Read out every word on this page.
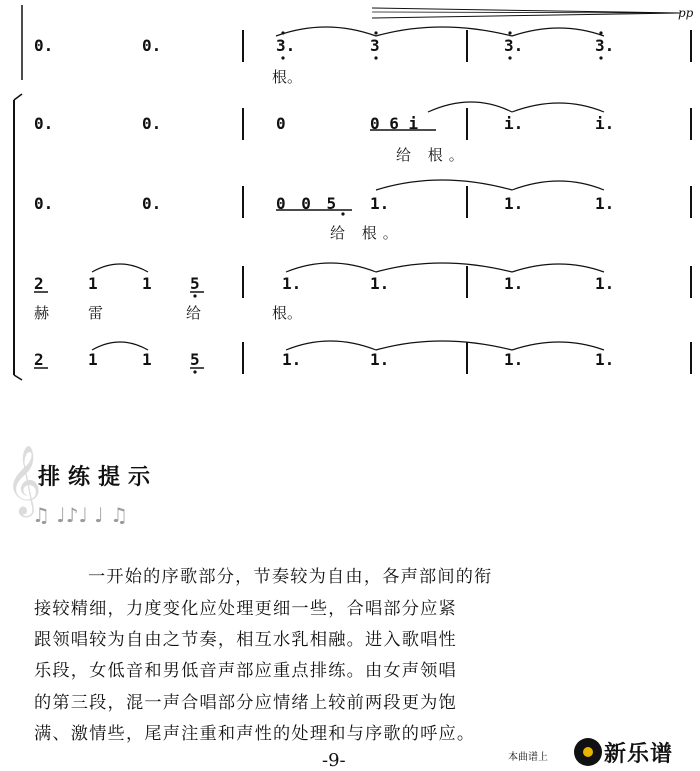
𝄞
♫ ♩♪♩ ♩ ♫
pp
0.	0.	3.	3	3.	3.
根。
0.	0.	0	0 6 i	i.	i.
给 根。
0.	0.	0 0 5 1.	1.	1.
给 根。
2	1	1 5	1.	1.	1.	1.
赫	雷	给	根。
2	1	1 5	1.	1.	1.	1.
排练提示
一开始的序歌部分，节奏较为自由，各声部间的衔
接较精细，力度变化应处理更细一些，合唱部分应紧
跟领唱较为自由之节奏，相互水乳相融。进入歌唱性
乐段，女低音和男低音声部应重点排练。由女声领唱
的第三段，混一声合唱部分应情绪上较前两段更为饱
满、激情些，尾声注重和声性的处理和与序歌的呼应。
-9-	本曲谱上	新乐谱
